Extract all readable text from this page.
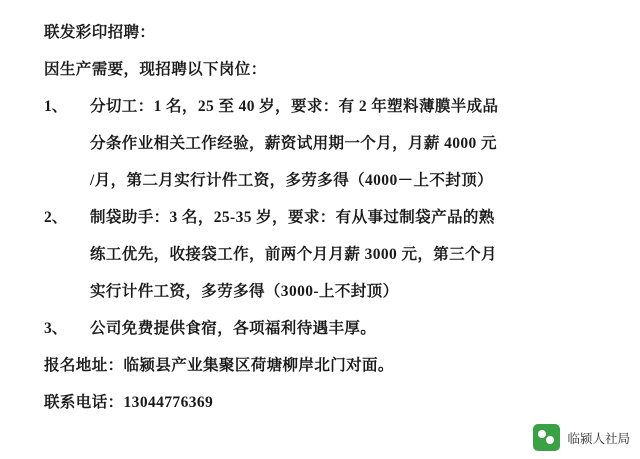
联发彩印招聘：
因生产需要，现招聘以下岗位：
1、	分切工：1 名，25 至 40 岁，要求：有 2 年塑料薄膜半成品
分条作业相关工作经验，薪资试用期一个月，月薪 4000 元
/月，第二月实行计件工资，多劳多得（4000－上不封顶）
2、	制袋助手：3 名，25-35 岁，要求：有从事过制袋产品的熟
练工优先，收接袋工作，前两个月月薪 3000 元，第三个月
实行计件工资，多劳多得（3000-上不封顶）
3、	公司免费提供食宿，各项福利待遇丰厚。
报名地址：临颍县产业集聚区荷塘柳岸北门对面。
联系电话：13044776369
临颍人社局
